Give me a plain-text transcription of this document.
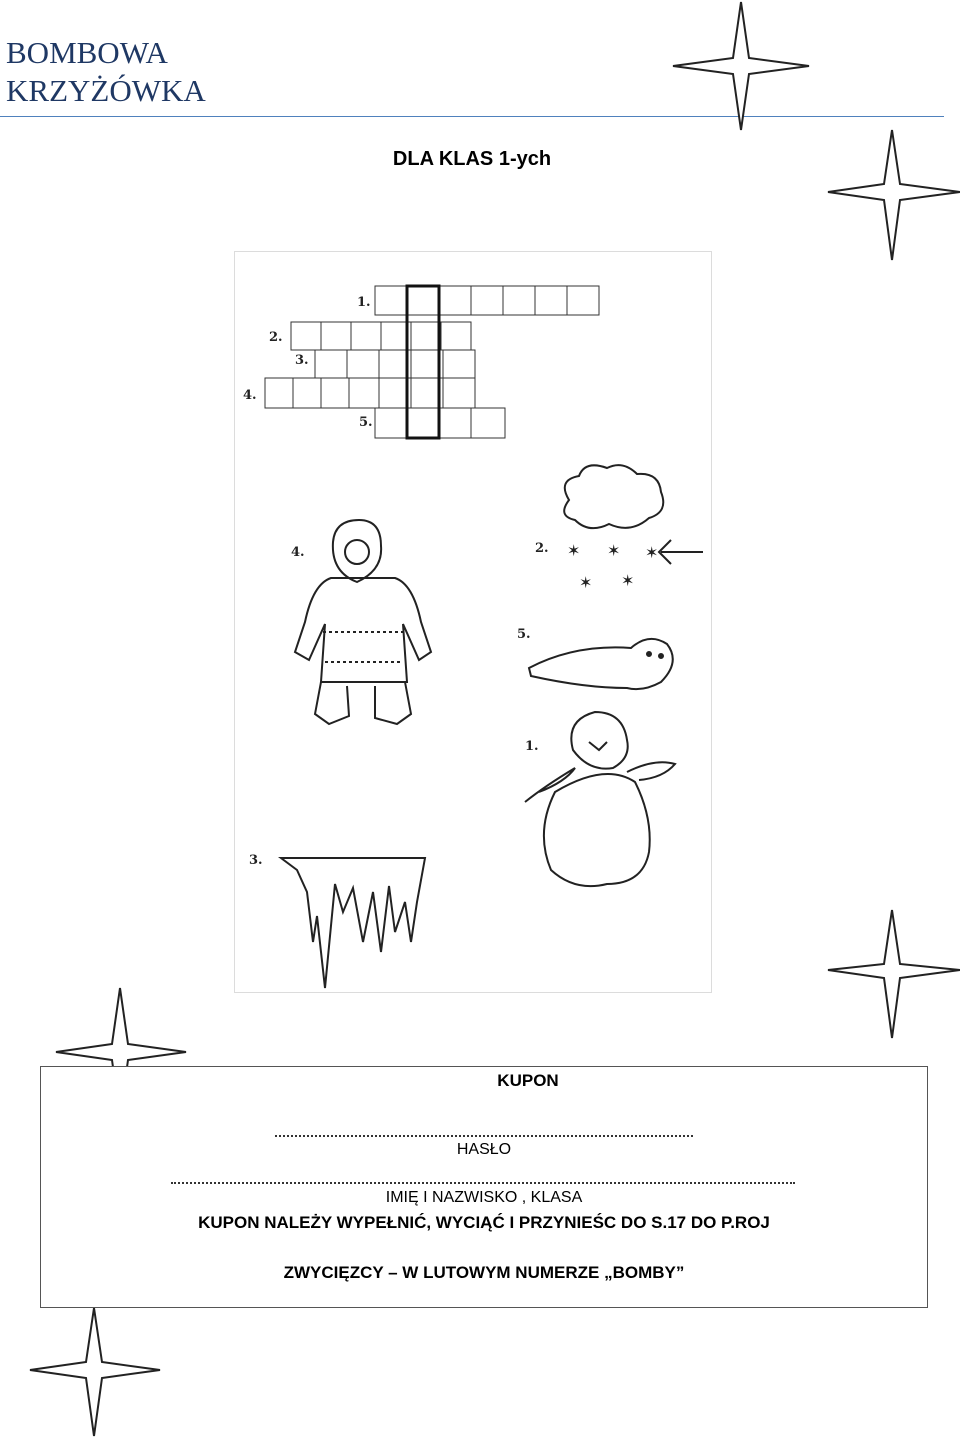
BOMBOWA
KRZYŻÓWKA
DLA KLAS 1-ych
1.
2.
3.
4.
5.
4.	2.
5.
1.
3.
✶ ✶ ✶
✶ ✶
KUPON
HASŁO
IMIĘ I NAZWISKO , KLASA
KUPON NALEŻY WYPEŁNIĆ, WYCIĄĆ I PRZYNIEŚC DO S.17 DO P.ROJ
ZWYCIĘZCY – W LUTOWYM NUMERZE „BOMBY”
